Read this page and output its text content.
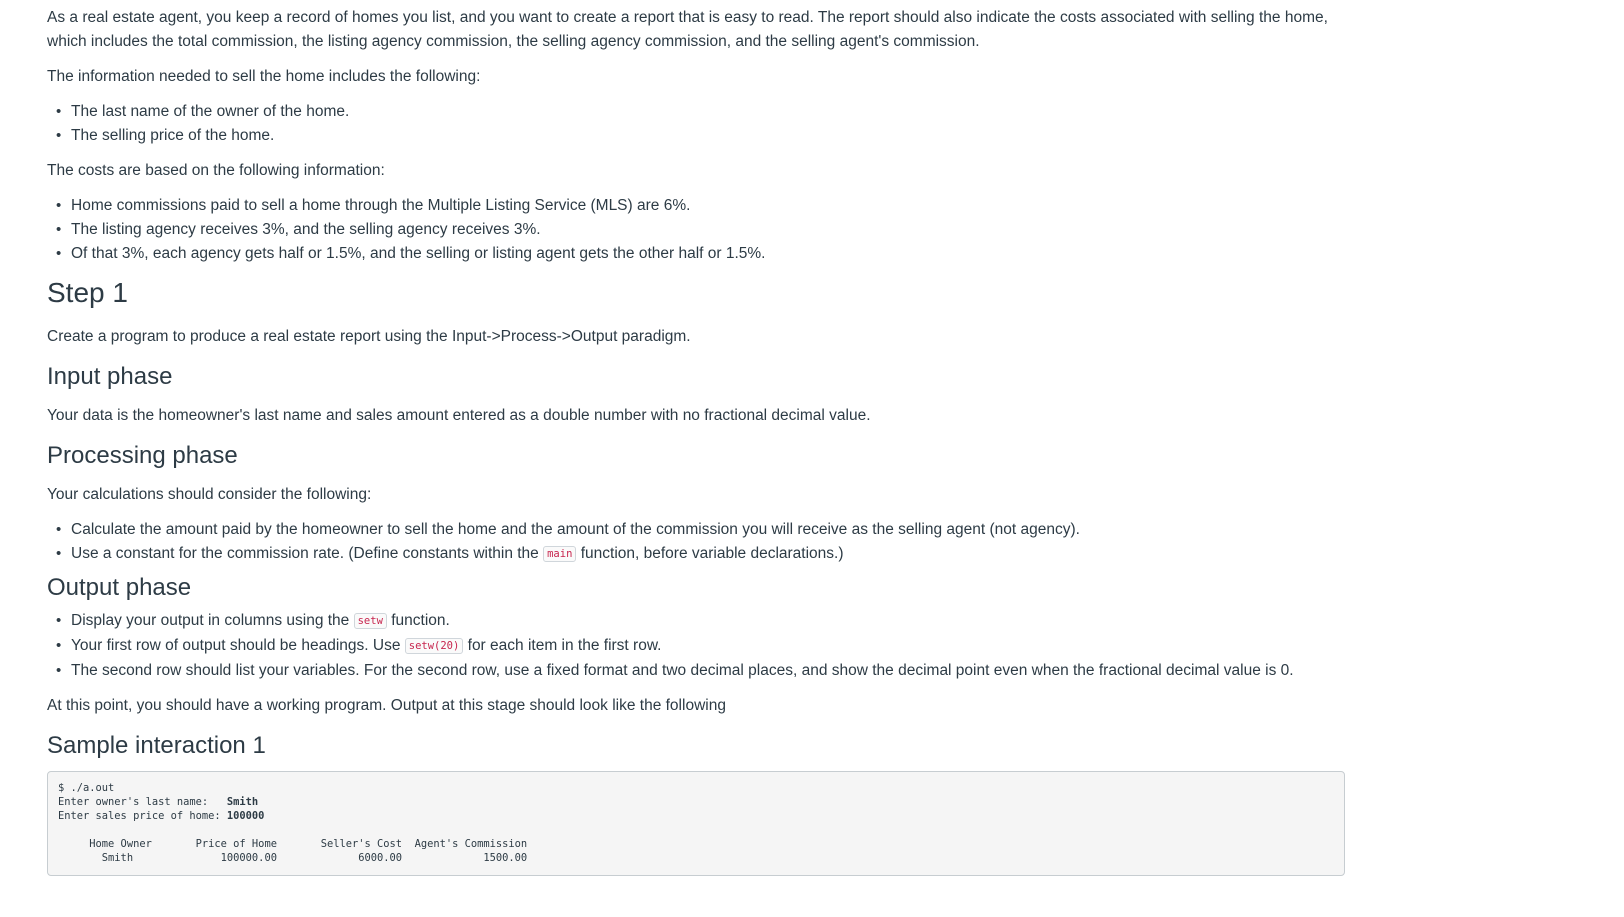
As a real estate agent, you keep a record of homes you list, and you want to create a report that is easy to read. The report should also indicate the costs associated with selling the home, which includes the total commission, the listing agency commission, the selling agency commission, and the selling agent's commission.

The information needed to sell the home includes the following:

• The last name of the owner of the home.
• The selling price of the home.

The costs are based on the following information:

• Home commissions paid to sell a home through the Multiple Listing Service (MLS) are 6%.
• The listing agency receives 3%, and the selling agency receives 3%.
• Of that 3%, each agency gets half or 1.5%, and the selling or listing agent gets the other half or 1.5%.
Step 1

Create a program to produce a real estate report using the Input->Process->Output paradigm.

Input phase

Your data is the homeowner's last name and sales amount entered as a double number with no fractional decimal value.

Processing phase

Your calculations should consider the following:

• Calculate the amount paid by the homeowner to sell the home and the amount of the commission you will receive as the selling agent (not agency).
• Use a constant for the commission rate. (Define constants within the main function, before variable declarations.)
Output phase
• Display your output in columns using the setw function.
• Your first row of output should be headings. Use setw(20) for each item in the first row.
• The second row should list your variables. For the second row, use a fixed format and two decimal places, and show the decimal point even when the fractional decimal value is 0.

At this point, you should have a working program. Output at this stage should look like the following

Sample interaction 1
$ ./a.out
Enter owner's last name:   Smith
Enter sales price of home: 100000

Home Owner       Price of Home       Seller's Cost  Agent's Commission
Smith              100000.00             6000.00             1500.00
